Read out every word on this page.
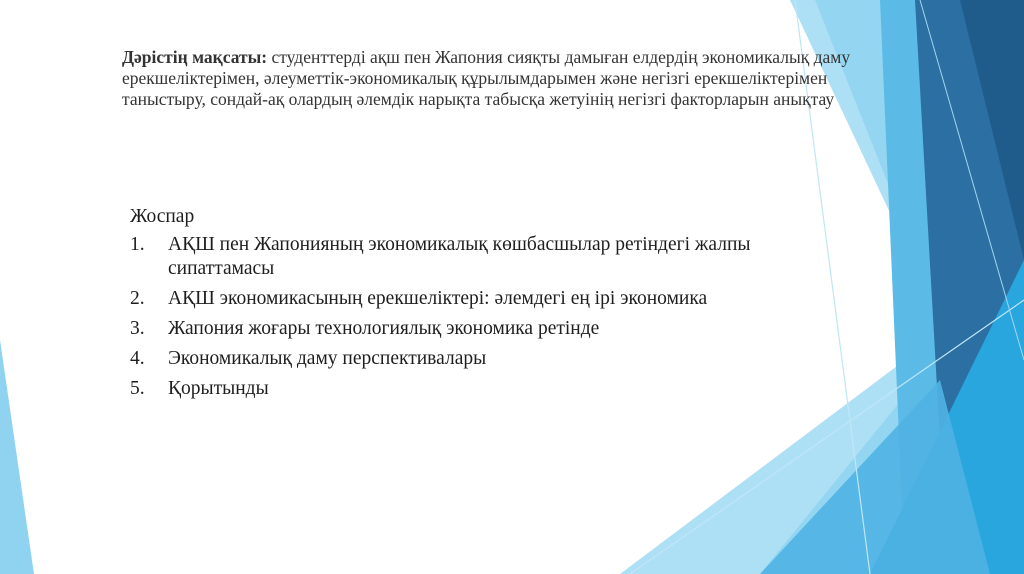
Дәрістің мақсаты: студенттерді ақш пен Жапония сияқты дамыған елдердің экономикалық даму ерекшеліктерімен, әлеуметтік-экономикалық құрылымдарымен және негізгі ерекшеліктерімен таныстыру, сондай-ақ олардың әлемдік нарықта табысқа жетуінің негізгі факторларын анықтау
Жоспар
1.	АҚШ пен Жапонияның экономикалық көшбасшылар ретіндегі жалпы сипаттамасы
2.	АҚШ экономикасының ерекшеліктері: әлемдегі ең ірі экономика
3.	Жапония жоғары технологиялық экономика ретінде
4.	Экономикалық даму перспективалары
5.	Қорытынды
